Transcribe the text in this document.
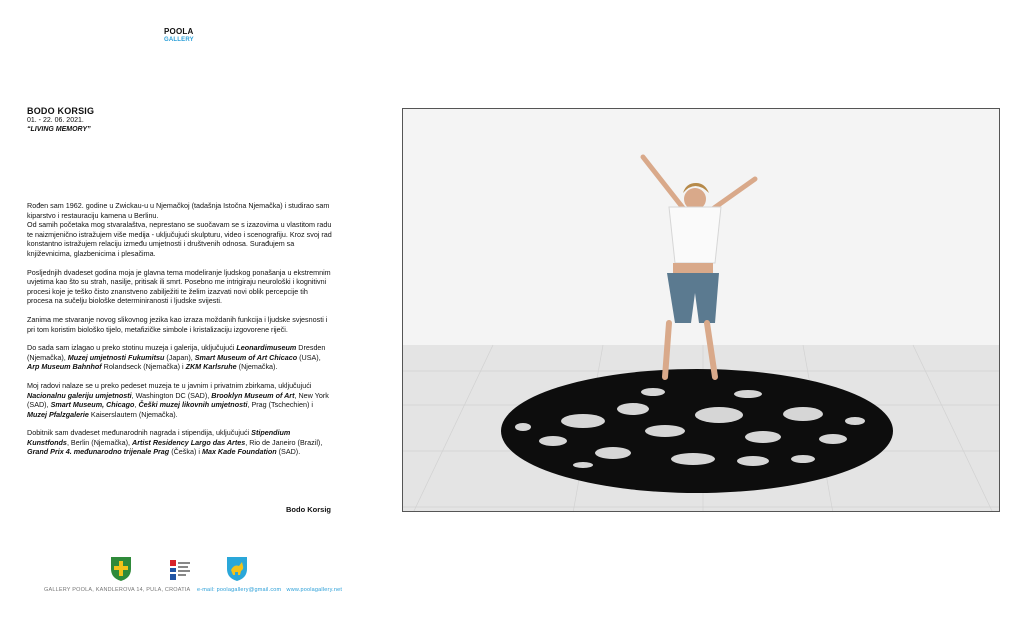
POOLA
GALLERY
BODO KORSIG
01. - 22. 06. 2021.
“LIVING MEMORY”

Rođen sam 1962. godine u Zwickau-u u Njemačkoj (tadašnja Istočna Njemačka) i studirao sam kiparstvo i restauraciju kamena u Berlinu.
Od samih početaka mog stvaralaštva, neprestano se suočavam se s izazovima u vlastitom radu te naizmjenično istražujem više medija - uključujući skulpturu, video i scenografiju. Kroz svoj rad konstantno istražujem relaciju između umjetnosti i društvenih odnosa. Surađujem sa književnicima, glazbenicima i plesačima.

Posljednjih dvadeset godina moja je glavna tema modeliranje ljudskog ponašanja u ekstremnim uvjetima kao što su strah, nasilje, pritisak ili smrt. Posebno me intrigiraju neurološki i kognitivni procesi koje je teško čisto znanstveno zabilježiti te želim izazvati novi oblik percepcije tih procesa na sučelju biološke determiniranosti i ljudske svijesti.

Zanima me stvaranje novog slikovnog jezika kao izraza moždanih funkcija i ljudske svjesnosti i pri tom koristim biološko tijelo, metafizičke simbole i kristalizaciju izgovorene riječi.

Do sada sam izlagao u preko stotinu muzeja i galerija, uključujući Leonardimuseum Dresden (Njemačka), Muzej umjetnosti Fukumitsu (Japan), Smart Museum of Art Chicaco (USA), Arp Museum Bahnhof Rolandseck (Njemačka) i ZKM Karlsruhe (Njemačka).

Moj radovi nalaze se u preko pedeset muzeja te u javnim i privatnim zbirkama, uključujući Nacionalnu galeriju umjetnosti, Washington DC (SAD), Brooklyn Museum of Art, New York (SAD), Smart Museum, Chicago, Češki muzej likovnih umjetnosti, Prag (Tschechien) i Muzej Pfalzgalerie Kaiserslautern (Njemačka).

Dobitnik sam dvadeset međunarodnih nagrada i stipendija, uključujući Stipendium Kunstfonds, Berlin (Njemačka), Artist Residency Largo das Artes, Rio de Janeiro (Brazil), Grand Prix 4. međunarodno trijenale Prag (Češka) i Max Kade Foundation (SAD).

Bodo Korsig
GALLERY POOLA, KANDLEROVA 14, PULA, CROATIA e-mail: poolagallery@gmail.com www.poolagallery.net
